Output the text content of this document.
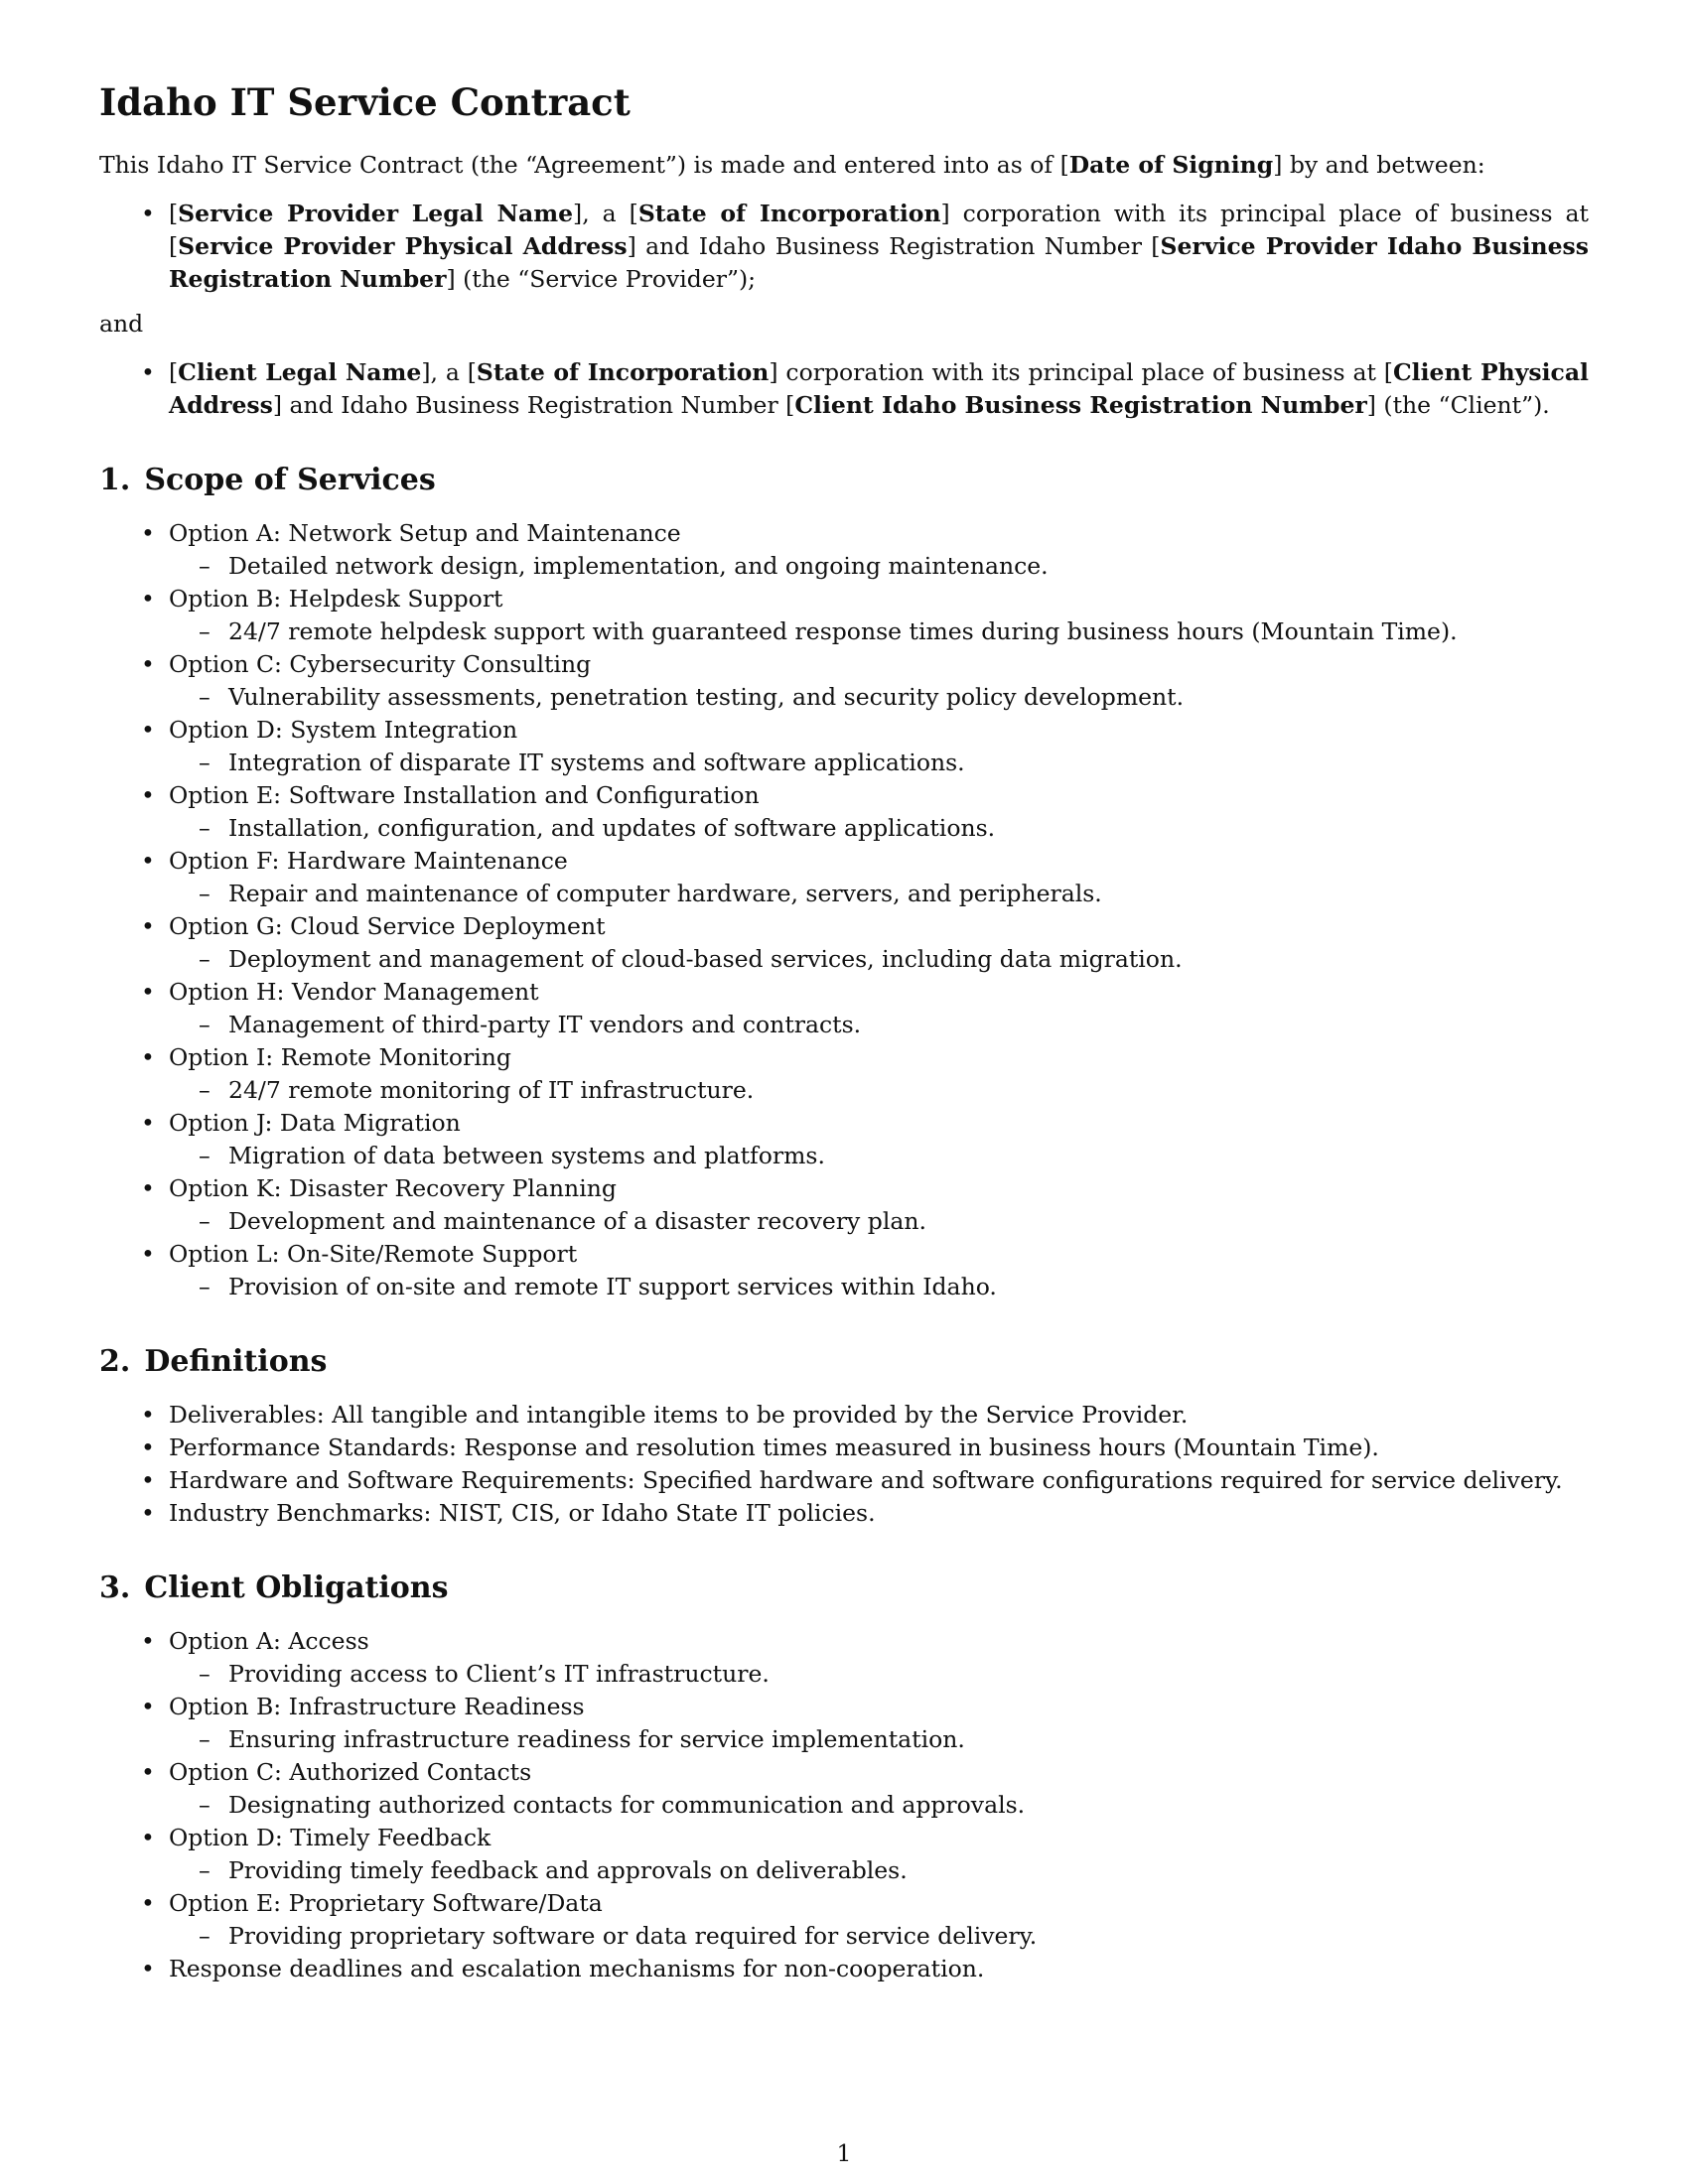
Idaho IT Service Contract

This Idaho IT Service Contract (the “Agreement”) is made and entered into as of [Date of Signing] by and between:

• [Service Provider Legal Name], a [State of Incorporation] corporation with its principal place of business at [Service Provider Physical Address] and Idaho Business Registration Number [Service Provider Idaho Business Registration Number] (the “Service Provider”);

and

• [Client Legal Name], a [State of Incorporation] corporation with its principal place of business at [Client Physical Address] and Idaho Business Registration Number [Client Idaho Business Registration Number] (the “Client”).
1. Scope of Services
• Option A: Network Setup and Maintenance
– Detailed network design, implementation, and ongoing maintenance.
• Option B: Helpdesk Support
– 24/7 remote helpdesk support with guaranteed response times during business hours (Mountain Time).
• Option C: Cybersecurity Consulting
– Vulnerability assessments, penetration testing, and security policy development.
• Option D: System Integration
– Integration of disparate IT systems and software applications.
• Option E: Software Installation and Configuration
– Installation, configuration, and updates of software applications.
• Option F: Hardware Maintenance
– Repair and maintenance of computer hardware, servers, and peripherals.
• Option G: Cloud Service Deployment
– Deployment and management of cloud-based services, including data migration.
• Option H: Vendor Management
– Management of third-party IT vendors and contracts.
• Option I: Remote Monitoring
– 24/7 remote monitoring of IT infrastructure.
• Option J: Data Migration
– Migration of data between systems and platforms.
• Option K: Disaster Recovery Planning
– Development and maintenance of a disaster recovery plan.
• Option L: On-Site/Remote Support
– Provision of on-site and remote IT support services within Idaho.
2. Definitions
• Deliverables: All tangible and intangible items to be provided by the Service Provider.
• Performance Standards: Response and resolution times measured in business hours (Mountain Time).
• Hardware and Software Requirements: Specified hardware and software configurations required for service delivery.
• Industry Benchmarks: NIST, CIS, or Idaho State IT policies.
3. Client Obligations
• Option A: Access
– Providing access to Client’s IT infrastructure.
• Option B: Infrastructure Readiness
– Ensuring infrastructure readiness for service implementation.
• Option C: Authorized Contacts
– Designating authorized contacts for communication and approvals.
• Option D: Timely Feedback
– Providing timely feedback and approvals on deliverables.
• Option E: Proprietary Software/Data
– Providing proprietary software or data required for service delivery.
• Response deadlines and escalation mechanisms for non-cooperation.
1
